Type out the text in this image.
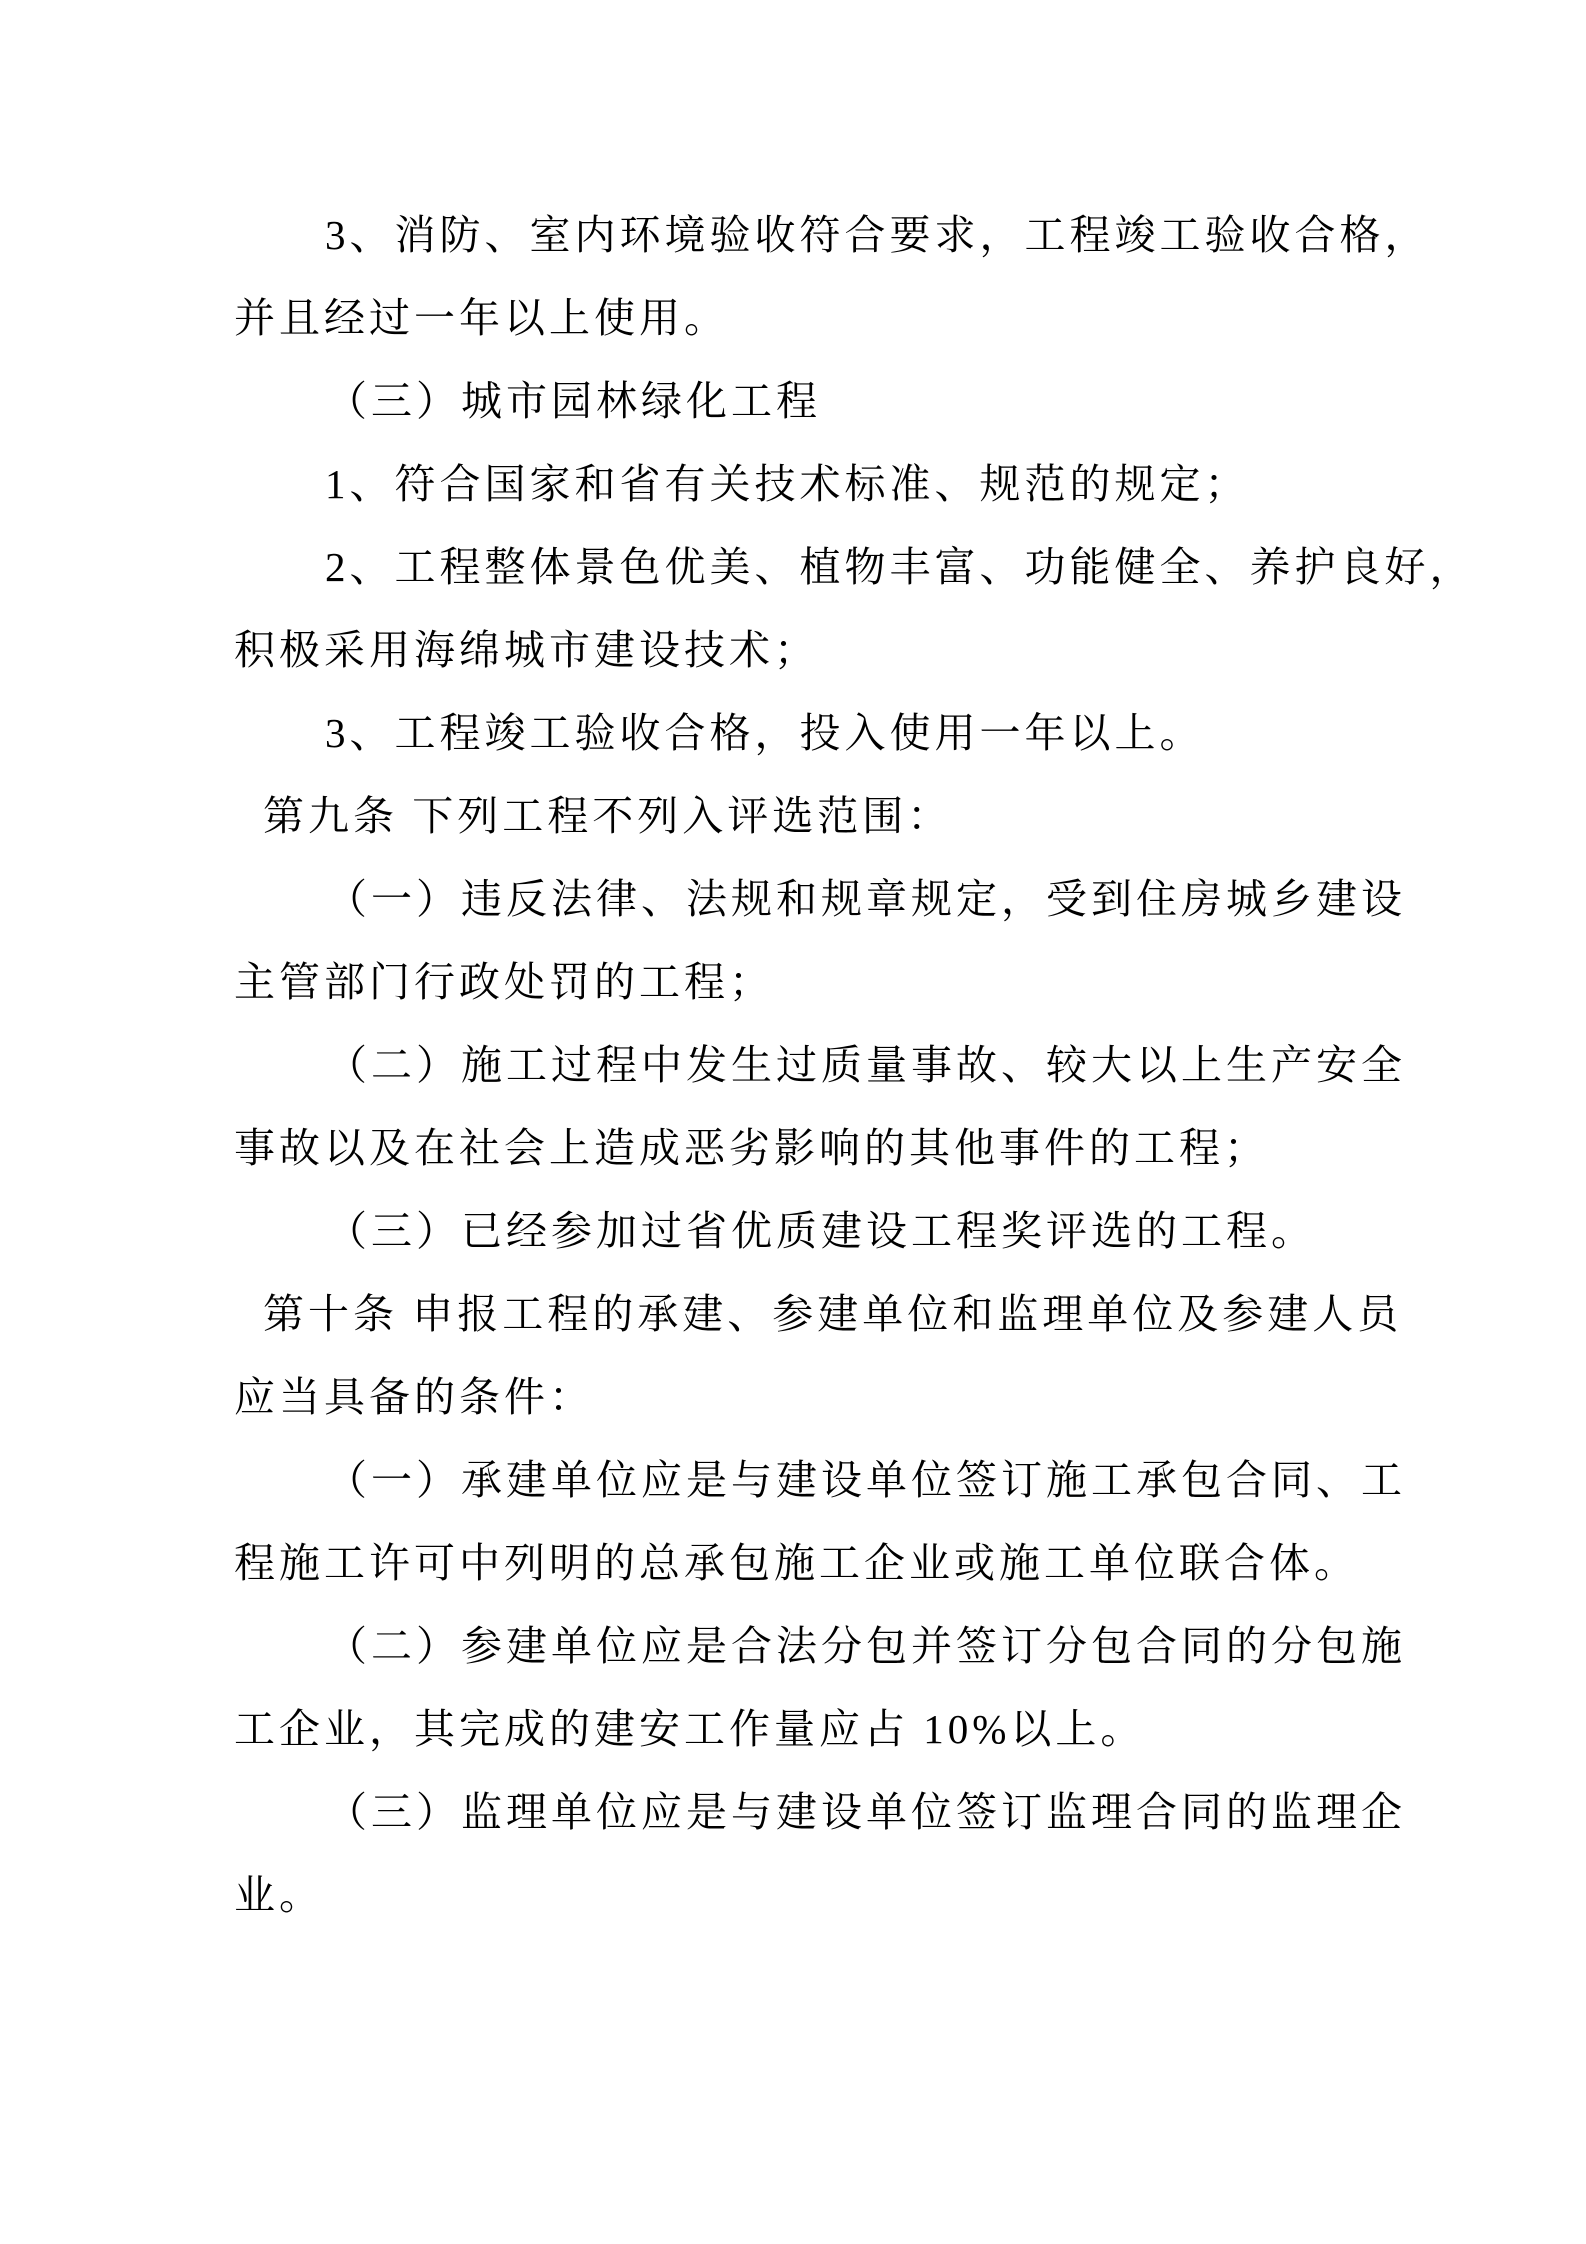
3、消防、室内环境验收符合要求，工程竣工验收合格，
并且经过一年以上使用。
（三）城市园林绿化工程
1、符合国家和省有关技术标准、规范的规定；
2、工程整体景色优美、植物丰富、功能健全、养护良好，
积极采用海绵城市建设技术；
3、工程竣工验收合格，投入使用一年以上。
第九条 下列工程不列入评选范围：
（一）违反法律、法规和规章规定，受到住房城乡建设
主管部门行政处罚的工程；
（二）施工过程中发生过质量事故、较大以上生产安全
事故以及在社会上造成恶劣影响的其他事件的工程；
（三）已经参加过省优质建设工程奖评选的工程。
第十条 申报工程的承建、参建单位和监理单位及参建人员
应当具备的条件：
（一）承建单位应是与建设单位签订施工承包合同、工
程施工许可中列明的总承包施工企业或施工单位联合体。
（二）参建单位应是合法分包并签订分包合同的分包施
工企业，其完成的建安工作量应占 10%以上。
（三）监理单位应是与建设单位签订监理合同的监理企
业。
